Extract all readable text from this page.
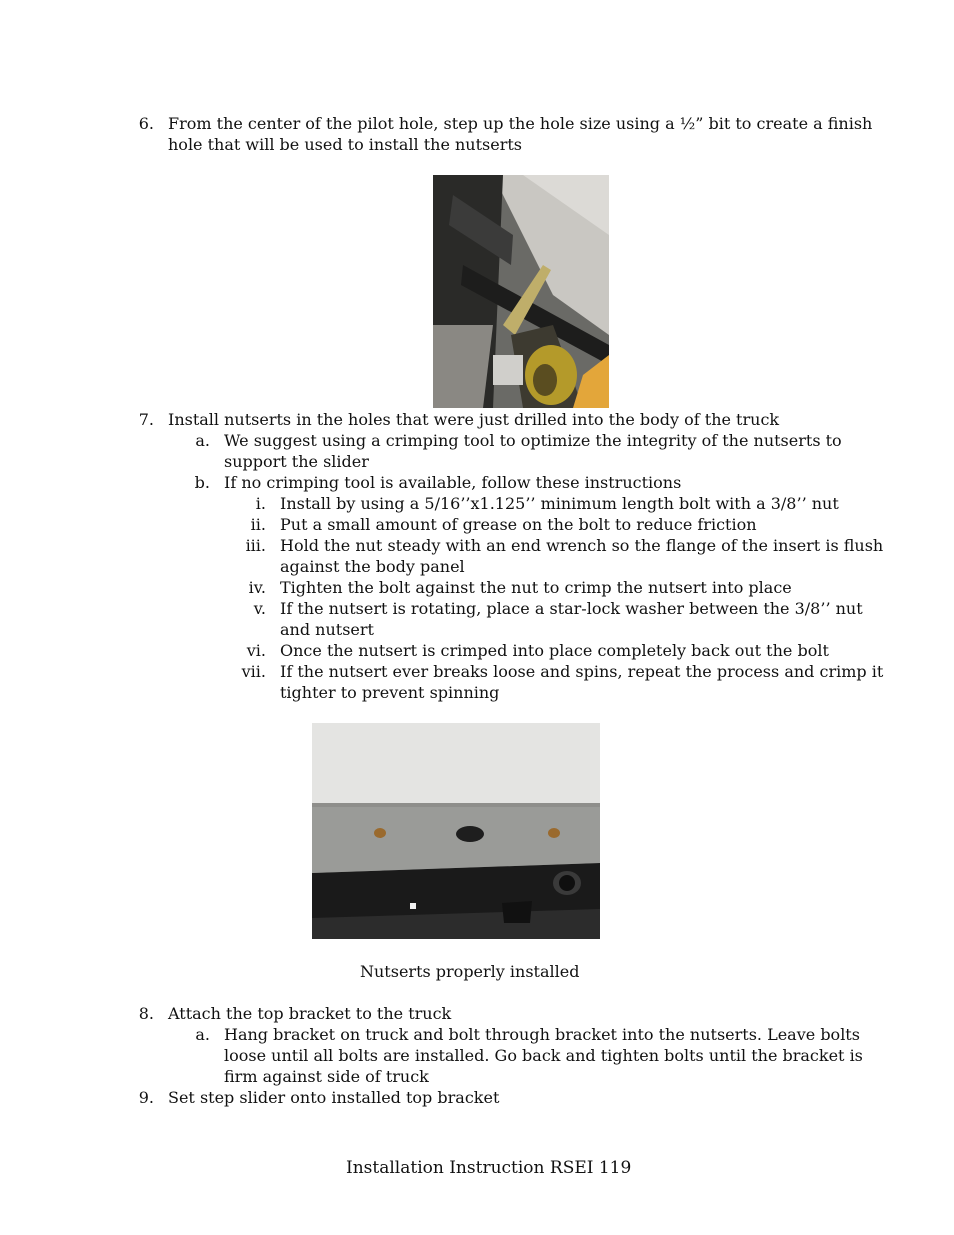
6. From the center of the pilot hole, step up the hole size using a ½” bit to create a finish
hole that will be used to install the nutserts
7. Install nutserts in the holes that were just drilled into the body of the truck
a. We suggest using a crimping tool to optimize the integrity of the nutserts to
support the slider
b. If no crimping tool is available, follow these instructions
i. Install by using a 5/16’’x1.125’’ minimum length bolt with a 3/8’’ nut
ii. Put a small amount of grease on the bolt to reduce friction
iii. Hold the nut steady with an end wrench so the flange of the insert is flush
against the body panel
iv. Tighten the bolt against the nut to crimp the nutsert into place
v. If the nutsert is rotating, place a star-lock washer between the 3/8’’ nut
and nutsert
vi. Once the nutsert is crimped into place completely back out the bolt
vii. If the nutsert ever breaks loose and spins, repeat the process and crimp it
tighter to prevent spinning
Nutserts properly installed
8. Attach the top bracket to the truck
a. Hang bracket on truck and bolt through bracket into the nutserts. Leave bolts
loose until all bolts are installed. Go back and tighten bolts until the bracket is
firm against side of truck
9. Set step slider onto installed top bracket
Installation Instruction RSEI 119
